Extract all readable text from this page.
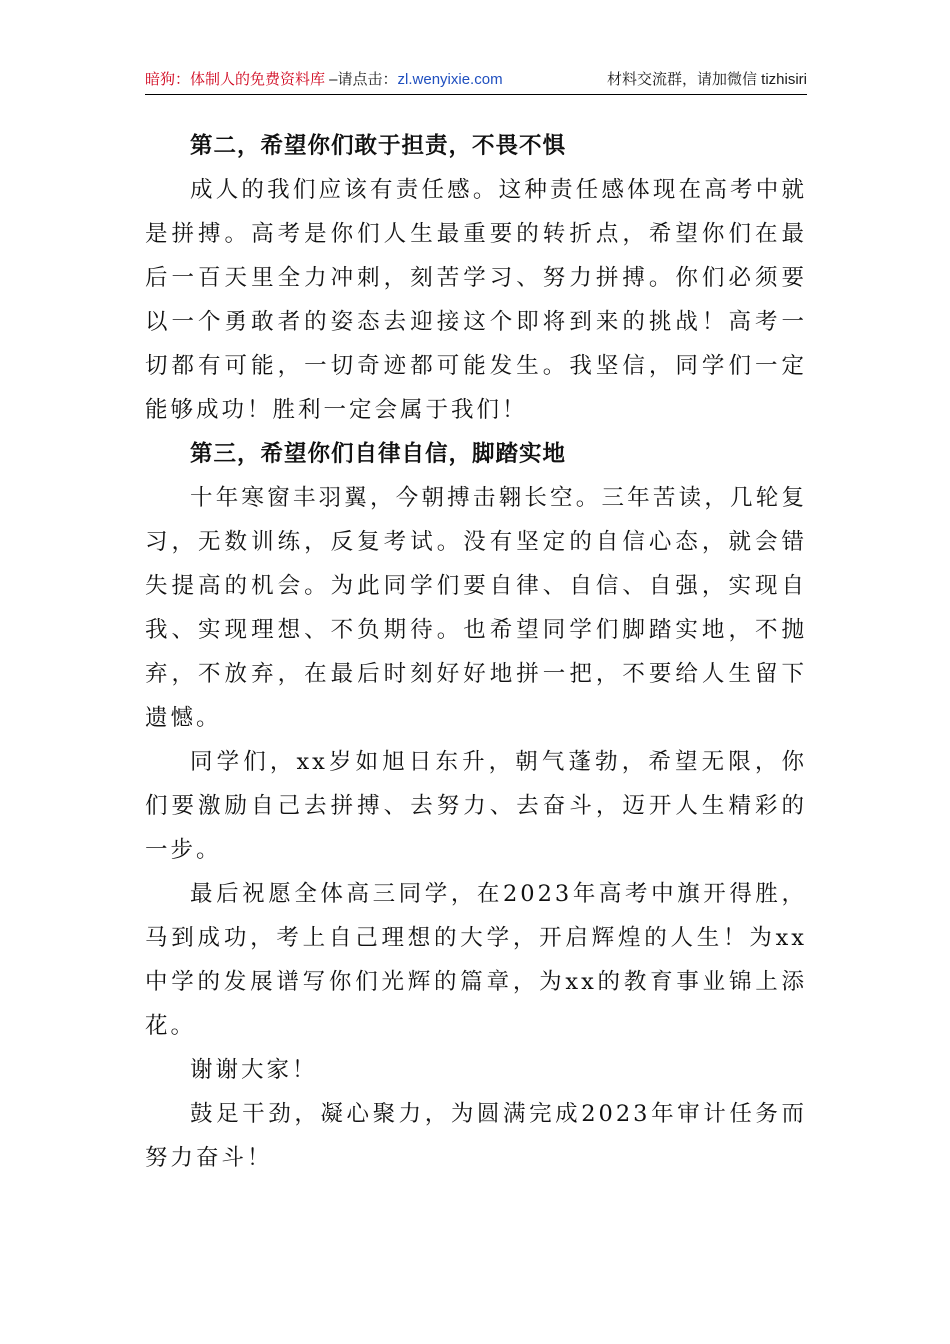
暗狗：体制人的免费资料库 –请点击：zl.wenyixie.com	材料交流群，请加微信 tizhisiri
第二，希望你们敢于担责，不畏不惧

成人的我们应该有责任感。这种责任感体现在高考中就是拼搏。高考是你们人生最重要的转折点，希望你们在最后一百天里全力冲刺，刻苦学习、努力拼搏。你们必须要以一个勇敢者的姿态去迎接这个即将到来的挑战！高考一切都有可能，一切奇迹都可能发生。我坚信，同学们一定能够成功！胜利一定会属于我们！

第三，希望你们自律自信，脚踏实地

十年寒窗丰羽翼，今朝搏击翱长空。三年苦读，几轮复习，无数训练，反复考试。没有坚定的自信心态，就会错失提高的机会。为此同学们要自律、自信、自强，实现自我、实现理想、不负期待。也希望同学们脚踏实地，不抛弃，不放弃，在最后时刻好好地拼一把，不要给人生留下遗憾。

同学们，xx岁如旭日东升，朝气蓬勃，希望无限，你们要激励自己去拼搏、去努力、去奋斗，迈开人生精彩的一步。

最后祝愿全体高三同学，在2023年高考中旗开得胜，马到成功，考上自己理想的大学，开启辉煌的人生！为xx中学的发展谱写你们光辉的篇章，为xx的教育事业锦上添花。

谢谢大家！

鼓足干劲，凝心聚力，为圆满完成2023年审计任务而努力奋斗！
